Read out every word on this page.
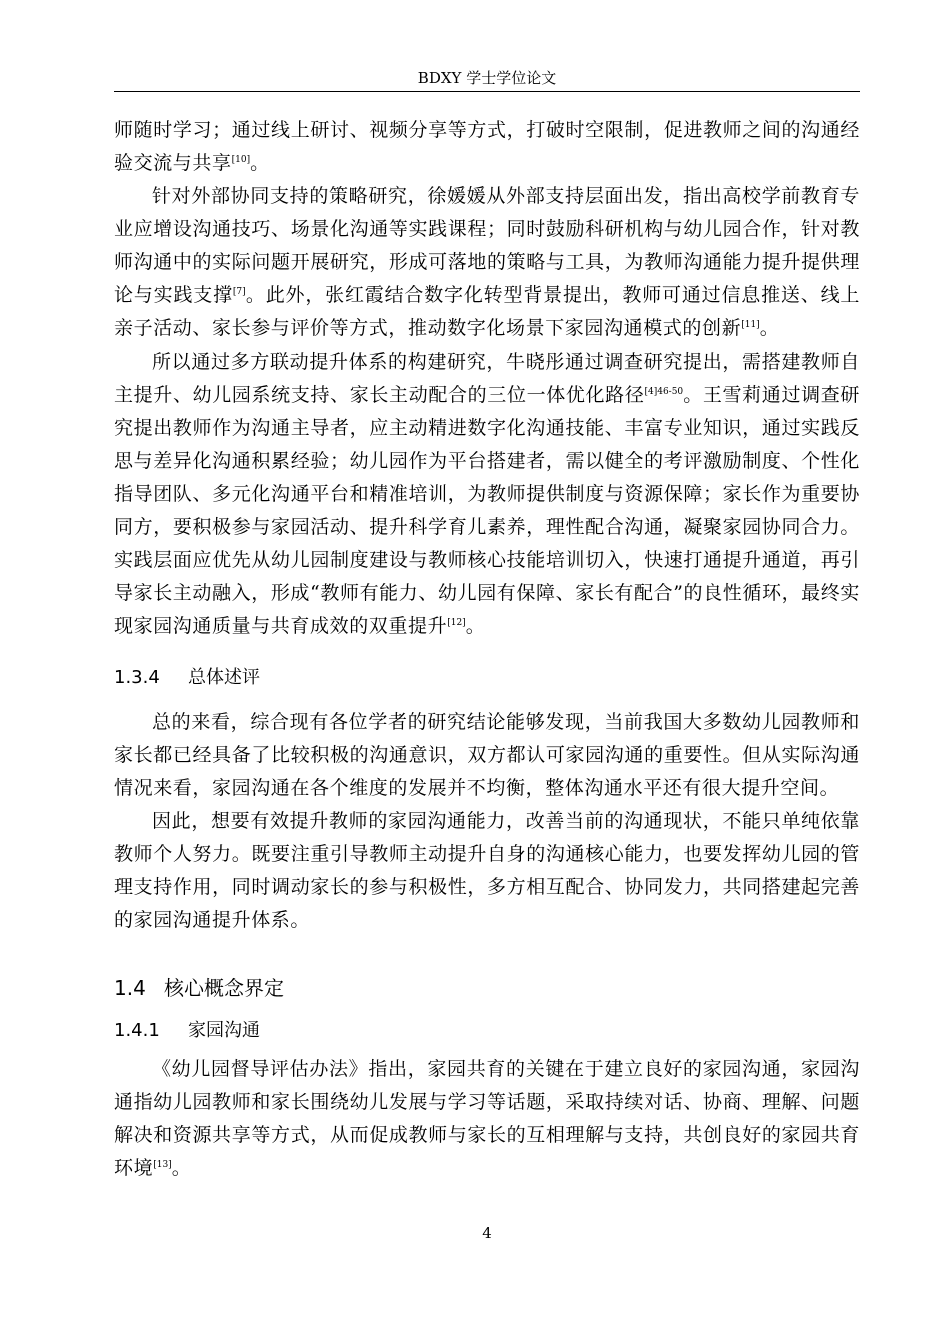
BDXY 学士学位论文

师随时学习；通过线上研讨、视频分享等方式，打破时空限制，促进教师之间的沟通经验交流与共享[10]。

针对外部协同支持的策略研究，徐媛媛从外部支持层面出发，指出高校学前教育专业应增设沟通技巧、场景化沟通等实践课程；同时鼓励科研机构与幼儿园合作，针对教师沟通中的实际问题开展研究，形成可落地的策略与工具，为教师沟通能力提升提供理论与实践支撑[7]。此外，张红霞结合数字化转型背景提出，教师可通过信息推送、线上亲子活动、家长参与评价等方式，推动数字化场景下家园沟通模式的创新[11]。

所以通过多方联动提升体系的构建研究，牛晓彤通过调查研究提出，需搭建教师自主提升、幼儿园系统支持、家长主动配合的三位一体优化路径$^{[4]46-50}$。王雪莉通过调查研究提出教师作为沟通主导者，应主动精进数字化沟通技能、丰富专业知识，通过实践反思与差异化沟通积累经验；幼儿园作为平台搭建者，需以健全的考评激励制度、个性化指导团队、多元化沟通平台和精准培训，为教师提供制度与资源保障；家长作为重要协同方，要积极参与家园活动、提升科学育儿素养，理性配合沟通，凝聚家园协同合力。实践层面应优先从幼儿园制度建设与教师核心技能培训切入，快速打通提升通道，再引导家长主动融入，形成“教师有能力、幼儿园有保障、家长有配合”的良性循环，最终实现家园沟通质量与共育成效的双重提升[12]。

1.3.4 总体述评

总的来看，综合现有各位学者的研究结论能够发现，当前我国大多数幼儿园教师和家长都已经具备了比较积极的沟通意识，双方都认可家园沟通的重要性。但从实际沟通情况来看，家园沟通在各个维度的发展并不均衡，整体沟通水平还有很大提升空间。

因此，想要有效提升教师的家园沟通能力，改善当前的沟通现状，不能只单纯依靠教师个人努力。既要注重引导教师主动提升自身的沟通核心能力，也要发挥幼儿园的管理支持作用，同时调动家长的参与积极性，多方相互配合、协同发力，共同搭建起完善的家园沟通提升体系。

1.4 核心概念界定
1.4.1 家园沟通

《幼儿园督导评估办法》指出，家园共育的关键在于建立良好的家园沟通，家园沟通指幼儿园教师和家长围绕幼儿发展与学习等话题，采取持续对话、协商、理解、问题解决和资源共享等方式，从而促成教师与家长的互相理解与支持，共创良好的家园共育环境[13]。

4
